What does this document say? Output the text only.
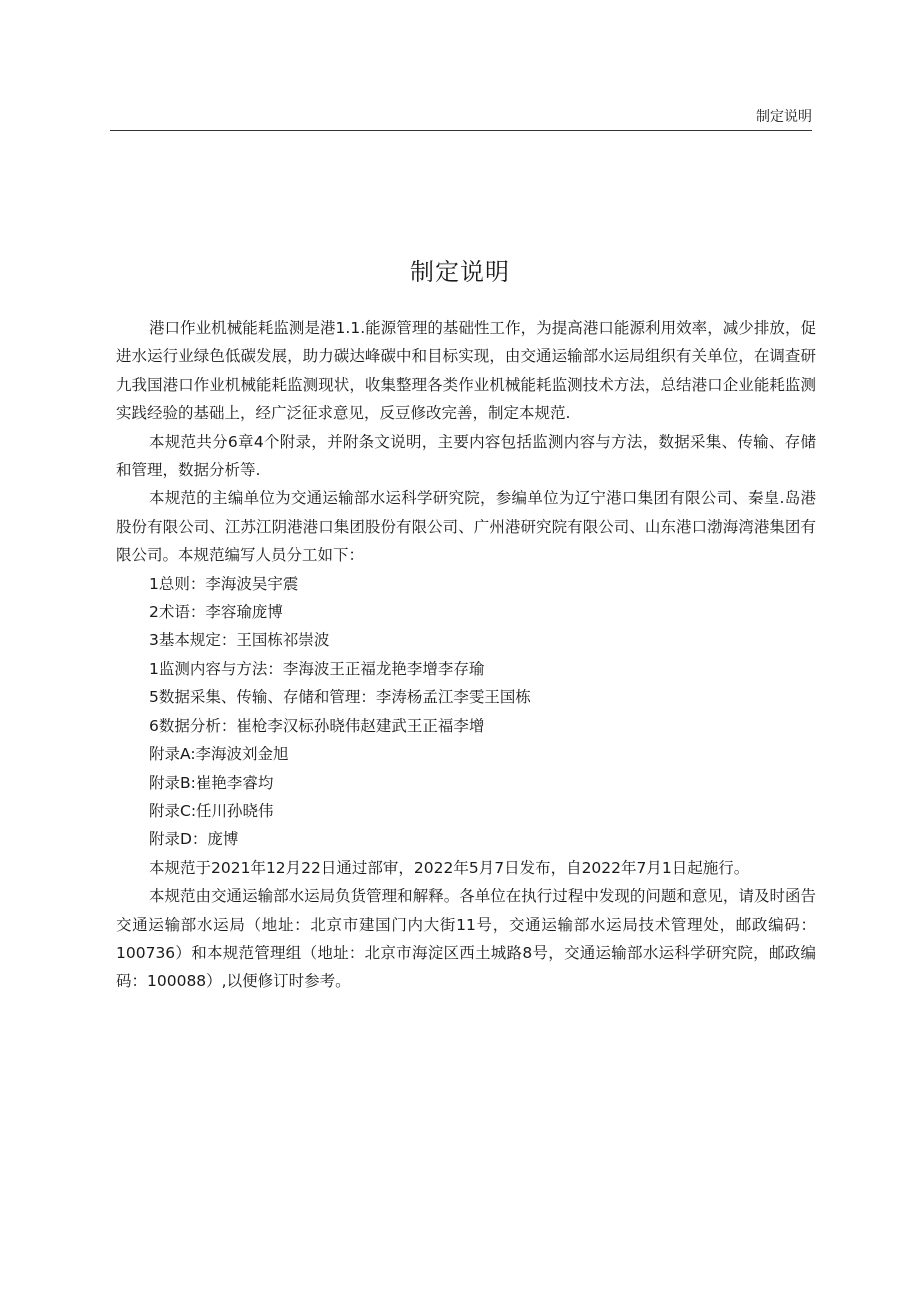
制定说明
制定说明

港口作业机械能耗监测是港1.1.能源管理的基础性工作，为提高港口能源利用效率，减少排放，促进水运行业绿色低碳发展，助力碳达峰碳中和目标实现，由交通运输部水运局组织有关单位，在调查研九我国港口作业机械能耗监测现状，收集整理各类作业机械能耗监测技术方法，总结港口企业能耗监测实践经验的基础上，经广泛征求意见，反豆修改完善，制定本规范.

本规范共分6章4个附录，并附条文说明，主要内容包括监测内容与方法，数据采集、传输、存储和管理，数据分析等.

本规范的主编单位为交通运输部水运科学研究院，参编单位为辽宁港口集团有限公司、秦皇.岛港股份有限公司、江苏江阴港港口集团股份有限公司、广州港研究院有限公司、山东港口渤海湾港集团有限公司。本规范编写人员分工如下：

1总则：李海波吴宇震

2术语：李容瑜庞博

3基本规定：王国栋祁崇波

1监测内容与方法：李海波王正福龙艳李增李存瑜

5数据采集、传输、存储和管理：李涛杨孟江李雯王国栋

6数据分析：崔枪李汉标孙晓伟赵建武王正福李增

附录A:李海波刘金旭

附录B:崔艳李睿均

附录C:任川孙晓伟

附录D：庞博

本规范于2021年12月22日通过部审，2022年5月7日发布，自2022年7月1日起施行。

本规范由交通运输部水运局负货管理和解释。各单位在执行过程中发现的问题和意见，请及时函告交通运输部水运局（地址：北京市建国门内大街11号，交通运输部水运局技术管理处，邮政编码：100736）和本规范管理组（地址：北京市海淀区西土城路8号，交通运输部水运科学研究院，邮政编码：100088）,以便修订时参考。
